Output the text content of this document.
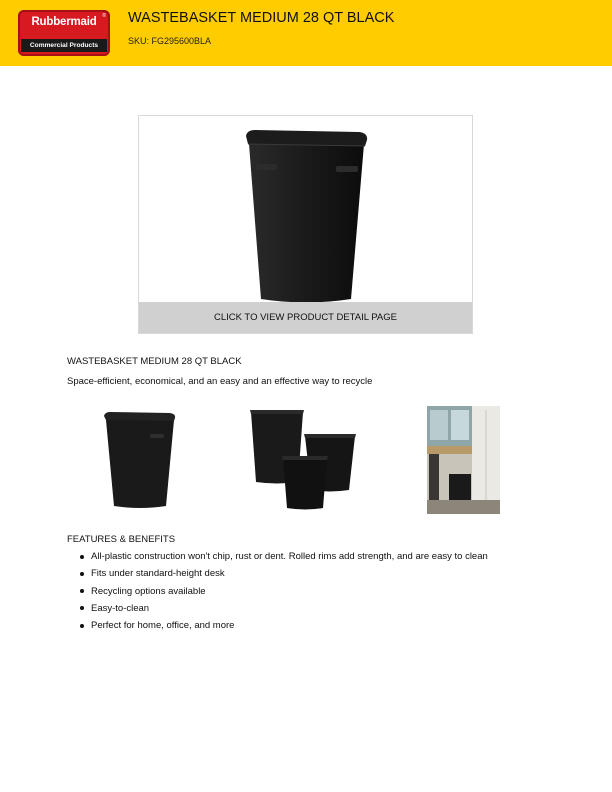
Rubbermaid	®
Commercial Products
WASTEBASKET MEDIUM 28 QT BLACK
SKU: FG295600BLA
CLICK TO VIEW PRODUCT DETAIL PAGE
WASTEBASKET MEDIUM 28 QT BLACK
Space-efficient, economical, and an easy and an effective way to recycle
FEATURES & BENEFITS
All-plastic construction won't chip, rust or dent. Rolled rims add strength, and are easy to clean
Fits under standard-height desk
Recycling options available
Easy-to-clean
Perfect for home, office, and more
